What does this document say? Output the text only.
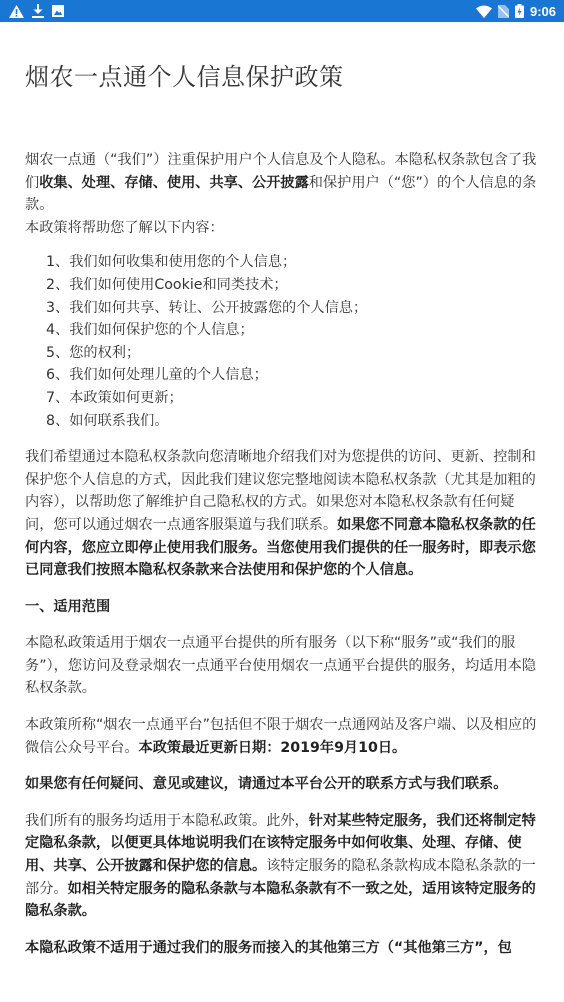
9:06
烟农一点通个人信息保护政策

烟农一点通（“我们”）注重保护用户个人信息及个人隐私。本隐私权条款包含了我们收集、处理、存储、使用、共享、公开披露和保护用户（“您”）的个人信息的条款。

本政策将帮助您了解以下内容：

1、我们如何收集和使用您的个人信息；
2、我们如何使用Cookie和同类技术；
3、我们如何共享、转让、公开披露您的个人信息；
4、我们如何保护您的个人信息；
5、您的权利；
6、我们如何处理儿童的个人信息；
7、本政策如何更新；
8、如何联系我们。

我们希望通过本隐私权条款向您清晰地介绍我们对为您提供的访问、更新、控制和保护您个人信息的方式，因此我们建议您完整地阅读本隐私权条款（尤其是加粗的内容），以帮助您了解维护自己隐私权的方式。如果您对本隐私权条款有任何疑问，您可以通过烟农一点通客服渠道与我们联系。如果您不同意本隐私权条款的任何内容，您应立即停止使用我们服务。当您使用我们提供的任一服务时，即表示您已同意我们按照本隐私权条款来合法使用和保护您的个人信息。

一、适用范围

本隐私政策适用于烟农一点通平台提供的所有服务（以下称“服务”或“我们的服务”），您访问及登录烟农一点通平台使用烟农一点通平台提供的服务，均适用本隐私权条款。

本政策所称“烟农一点通平台”包括但不限于烟农一点通网站及客户端、以及相应的微信公众号平台。本政策最近更新日期：2019年9月10日。

如果您有任何疑问、意见或建议，请通过本平台公开的联系方式与我们联系。

我们所有的服务均适用于本隐私政策。此外，针对某些特定服务，我们还将制定特定隐私条款，以便更具体地说明我们在该特定服务中如何收集、处理、存储、使用、共享、公开披露和保护您的信息。该特定服务的隐私条款构成本隐私条款的一部分。如相关特定服务的隐私条款与本隐私条款有不一致之处，适用该特定服务的隐私条款。

本隐私政策不适用于通过我们的服务而接入的其他第三方（“其他第三方”，包
